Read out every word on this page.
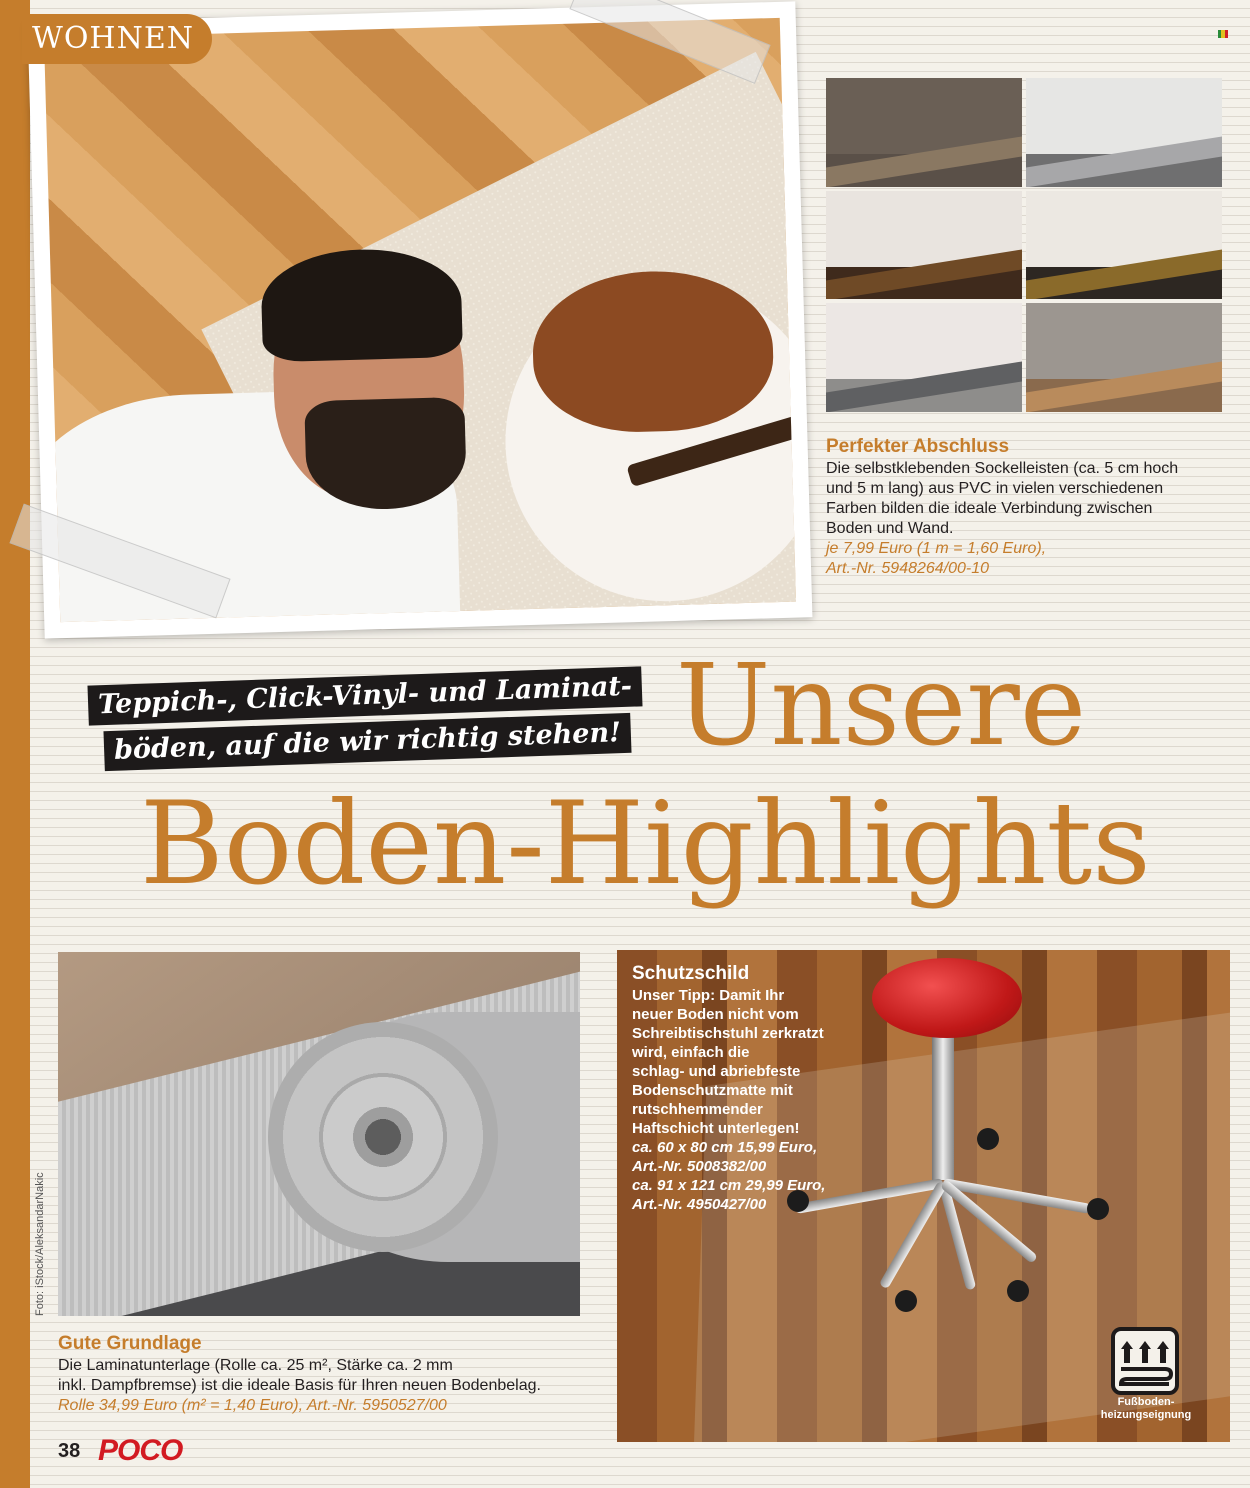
WOHNEN
Perfekter Abschluss
Die selbstklebenden Sockelleisten (ca. 5 cm hoch
und 5 m lang) aus PVC in vielen verschiedenen
Farben bilden die ideale Verbindung zwischen
Boden und Wand.
je 7,99 Euro (1 m = 1,60 Euro),
Art.-Nr. 5948264/00-10
Teppich-, Click-Vinyl- und Laminat-
böden, auf die wir richtig stehen! Unsere
Boden-Highlights
Foto: iStock/AleksandarNakic
Gute Grundlage
Die Laminatunterlage (Rolle ca. 25 m², Stärke ca. 2 mm
inkl. Dampfbremse) ist die ideale Basis für Ihren neuen Bodenbelag.
Rolle 34,99 Euro (m² = 1,40 Euro), Art.-Nr. 5950527/00
Schutzschild
Unser Tipp: Damit Ihr
neuer Boden nicht vom
Schreibtischstuhl zerkratzt
wird, einfach die
schlag- und abriebfeste
Bodenschutzmatte mit
rutschhemmender
Haftschicht unterlegen!
ca. 60 x 80 cm 15,99 Euro,
Art.-Nr. 5008382/00
ca. 91 x 121 cm 29,99 Euro,
Art.-Nr. 4950427/00
Fußboden-
heizungseignung
38 POCO
